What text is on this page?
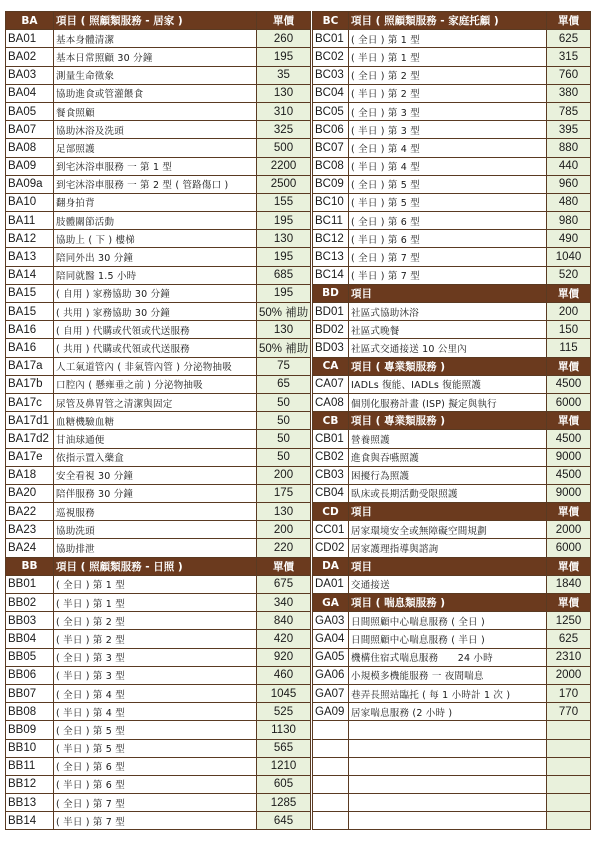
BA	項目 ( 照顧類服務 - 居家 )	單價
BA01	基本身體清潔	260
BA02	基本日常照顧 30 分鐘	195
BA03	測量生命徵象	35
BA04	協助進食或管灌餵食	130
BA05	餐食照顧	310
BA07	協助沐浴及洗頭	325
BA08	足部照護	500
BA09	到宅沐浴車服務 一 第 1 型	2200
BA09a	到宅沐浴車服務 一 第 2 型 ( 管路傷口 )	2500
BA10	翻身拍背	155
BA11	肢體關節活動	195
BA12	協助上 ( 下 ) 樓梯	130
BA13	陪同外出 30 分鐘	195
BA14	陪同就醫 1.5 小時	685
BA15	( 自用 ) 家務協助 30 分鐘	195
BA15	( 共用 ) 家務協助 30 分鐘	50% 補助
BA16	( 自用 ) 代購或代領或代送服務	130
BA16	( 共用 ) 代購或代領或代送服務	50% 補助
BA17a	人工氣道管內 ( 非氣管內管 ) 分泌物抽吸	75
BA17b	口腔內 ( 懸雍垂之前 ) 分泌物抽吸	65
BA17c	尿管及鼻胃管之清潔與固定	50
BA17d1	血糖機驗血糖	50
BA17d2	甘油球通便	50
BA17e	依指示置入藥盒	50
BA18	安全看視 30 分鐘	200
BA20	陪伴服務 30 分鐘	175
BA22	巡視服務	130
BA23	協助洗頭	200
BA24	協助排泄	220
BB	項目 ( 照顧類服務 - 日照 )	單價
BB01	( 全日 ) 第 1 型	675
BB02	( 半日 ) 第 1 型	340
BB03	( 全日 ) 第 2 型	840
BB04	( 半日 ) 第 2 型	420
BB05	( 全日 ) 第 3 型	920
BB06	( 半日 ) 第 3 型	460
BB07	( 全日 ) 第 4 型	1045
BB08	( 半日 ) 第 4 型	525
BB09	( 全日 ) 第 5 型	1130
BB10	( 半日 ) 第 5 型	565
BB11	( 全日 ) 第 6 型	1210
BB12	( 半日 ) 第 6 型	605
BB13	( 全日 ) 第 7 型	1285
BB14	( 半日 ) 第 7 型	645
BC	項目 ( 照顧類服務 - 家庭托顧 )	單價
BC01	( 全日 ) 第 1 型	625
BC02	( 半日 ) 第 1 型	315
BC03	( 全日 ) 第 2 型	760
BC04	( 半日 ) 第 2 型	380
BC05	( 全日 ) 第 3 型	785
BC06	( 半日 ) 第 3 型	395
BC07	( 全日 ) 第 4 型	880
BC08	( 半日 ) 第 4 型	440
BC09	( 全日 ) 第 5 型	960
BC10	( 半日 ) 第 5 型	480
BC11	( 全日 ) 第 6 型	980
BC12	( 半日 ) 第 6 型	490
BC13	( 全日 ) 第 7 型	1040
BC14	( 半日 ) 第 7 型	520
BD	項目	單價
BD01	社區式協助沐浴	200
BD02	社區式晚餐	150
BD03	社區式交通接送 10 公里內	115
CA	項目 ( 專業類服務 )	單價
CA07	IADLs 復能、IADLs 復能照護	4500
CA08	個別化服務計畫 (ISP) 擬定與執行	6000
CB	項目 ( 專業類服務 )	單價
CB01	營養照護	4500
CB02	進食與吞嚥照護	9000
CB03	困擾行為照護	4500
CB04	臥床或長期活動受限照護	9000
CD	項目	單價
CC01	居家環境安全或無障礙空間規劃	2000
CD02	居家護理指導與諮詢	6000
DA	項目	單價
DA01	交通接送	1840
GA	項目 ( 喘息類服務 )	單價
GA03	日間照顧中心喘息服務 ( 全日 )	1250
GA04	日間照顧中心喘息服務 ( 半日 )	625
GA05	機構住宿式喘息服務　　24 小時	2310
GA06	小規模多機能服務 一 夜間喘息	2000
GA07	巷弄長照站臨托 ( 每 1 小時計 1 次 )	170
GA09	居家喘息服務 (2 小時 )	770
